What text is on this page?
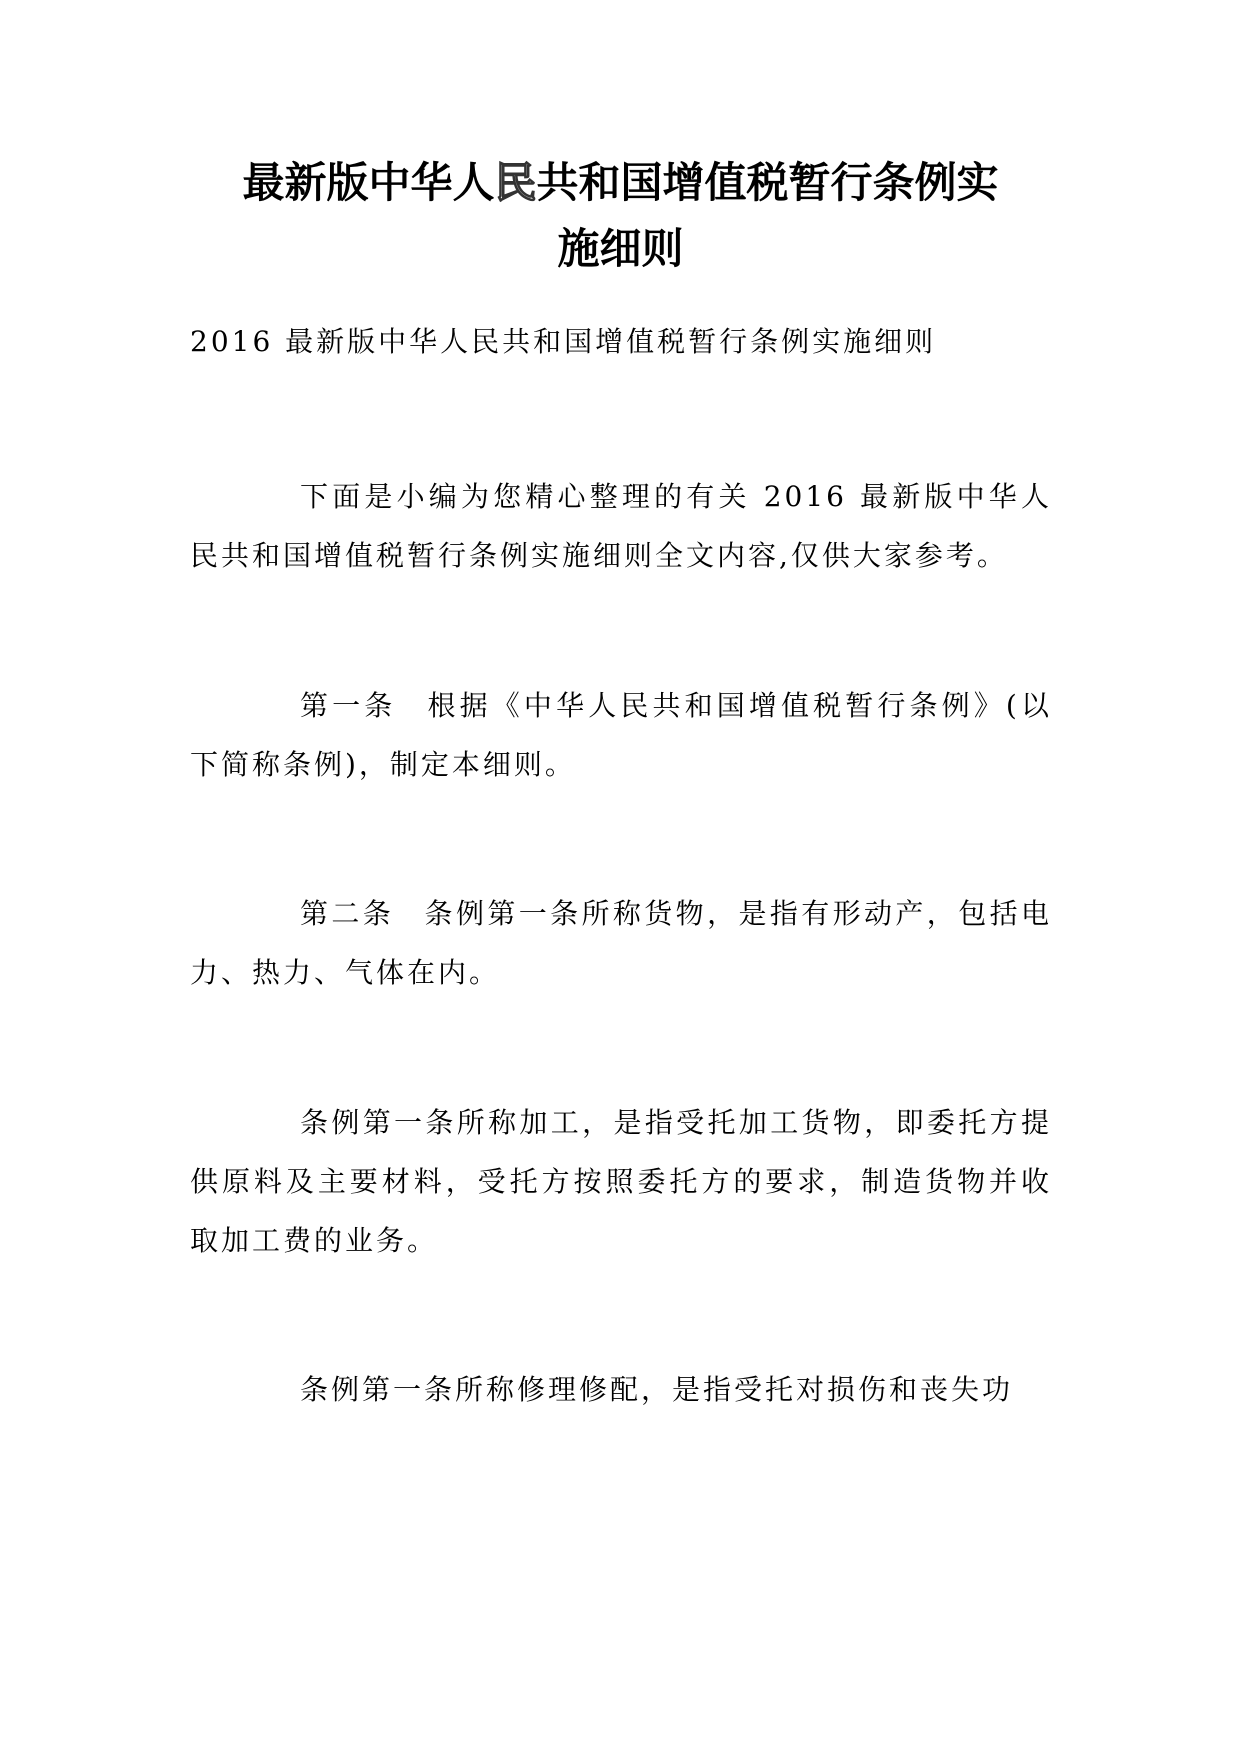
最新版中华人民共和国增值税暂行条例实
施细则

2016 最新版中华人民共和国增值税暂行条例实施细则

下面是小编为您精心整理的有关 2016 最新版中华人民共和国增值税暂行条例实施细则全文内容,仅供大家参考。

第一条 根据《中华人民共和国增值税暂行条例》(以下简称条例)，制定本细则。

第二条 条例第一条所称货物，是指有形动产，包括电力、热力、气体在内。

条例第一条所称加工，是指受托加工货物，即委托方提供原料及主要材料，受托方按照委托方的要求，制造货物并收取加工费的业务。

条例第一条所称修理修配，是指受托对损伤和丧失功
